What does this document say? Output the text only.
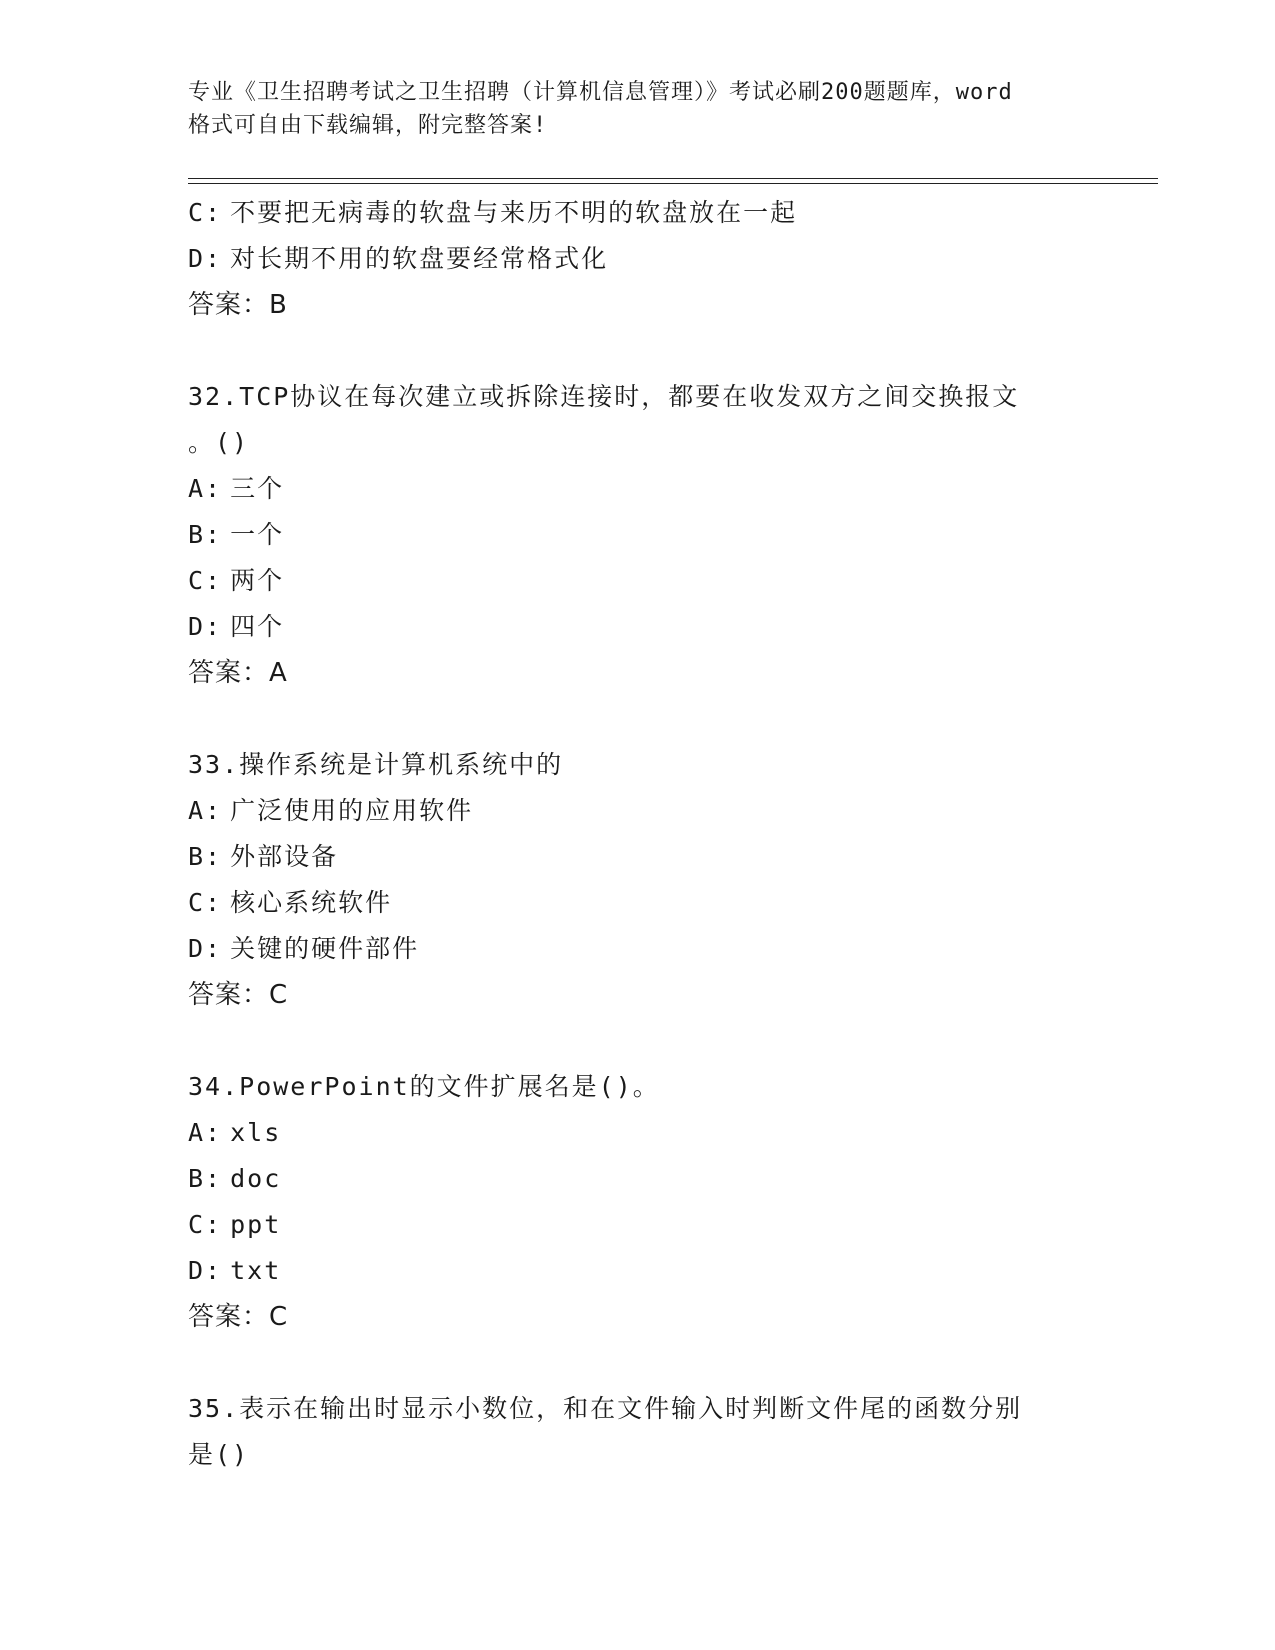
专业《卫生招聘考试之卫生招聘（计算机信息管理）》考试必刷200题题库，word
格式可自由下载编辑，附完整答案!
C: 不要把无病毒的软盘与来历不明的软盘放在一起
D: 对长期不用的软盘要经常格式化
答案：B
32.TCP协议在每次建立或拆除连接时，都要在收发双方之间交换报文
。()
A: 三个
B: 一个
C: 两个
D: 四个
答案：A
33.操作系统是计算机系统中的
A: 广泛使用的应用软件
B: 外部设备
C: 核心系统软件
D: 关键的硬件部件
答案：C
34.PowerPoint的文件扩展名是()。
A: xls
B: doc
C: ppt
D: txt
答案：C
35.表示在输出时显示小数位，和在文件输入时判断文件尾的函数分别
是()
